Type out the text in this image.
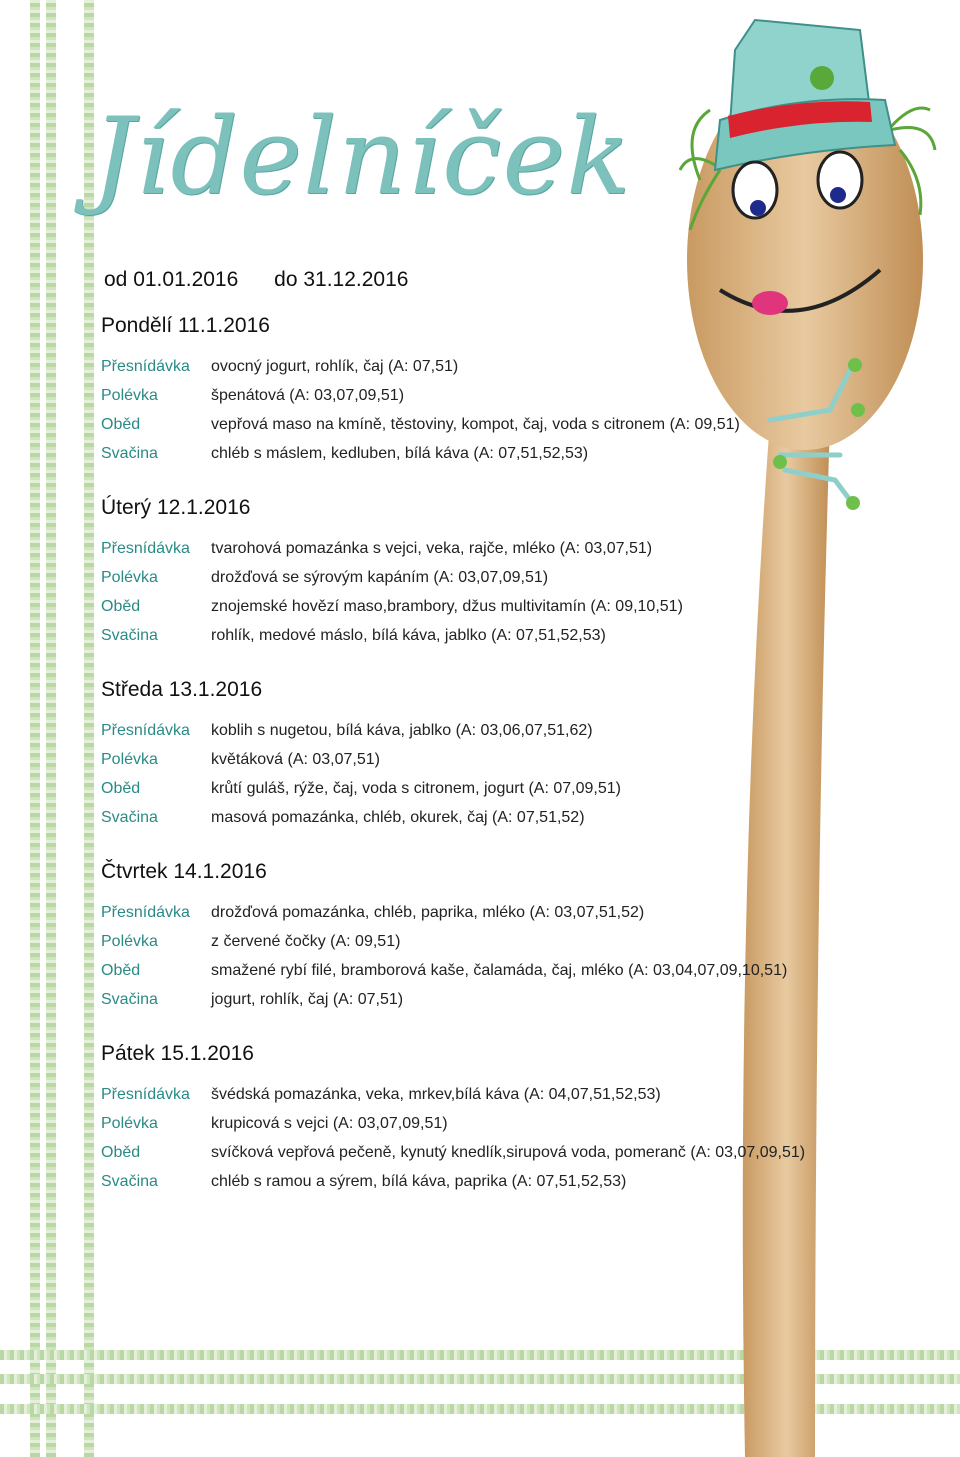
Jídelníček
od 01.01.2016 do 31.12.2016
Pondělí 11.1.2016
Přesnídávka	ovocný jogurt, rohlík, čaj (A: 07,51)
Polévka	špenátová (A: 03,07,09,51)
Oběd	vepřová maso na kmíně, těstoviny, kompot, čaj, voda s citronem (A: 09,51)
Svačina	chléb s máslem, kedluben, bílá káva (A: 07,51,52,53)
Úterý 12.1.2016
Přesnídávka	tvarohová pomazánka s vejci, veka, rajče, mléko (A: 03,07,51)
Polévka	drožďová se sýrovým kapáním (A: 03,07,09,51)
Oběd	znojemské hovězí maso,brambory, džus multivitamín (A: 09,10,51)
Svačina	rohlík, medové máslo, bílá káva, jablko (A: 07,51,52,53)
Středa 13.1.2016
Přesnídávka	koblih s nugetou, bílá káva, jablko (A: 03,06,07,51,62)
Polévka	květáková (A: 03,07,51)
Oběd	krůtí guláš, rýže, čaj, voda s citronem, jogurt (A: 07,09,51)
Svačina	masová pomazánka, chléb, okurek, čaj (A: 07,51,52)
Čtvrtek 14.1.2016
Přesnídávka	drožďová pomazánka, chléb, paprika, mléko (A: 03,07,51,52)
Polévka	z červené čočky (A: 09,51)
Oběd	smažené rybí filé, bramborová kaše, čalamáda, čaj, mléko (A: 03,04,07,09,10,51)
Svačina	jogurt, rohlík, čaj (A: 07,51)
Pátek 15.1.2016
Přesnídávka	švédská pomazánka, veka, mrkev,bílá káva (A: 04,07,51,52,53)
Polévka	krupicová s vejci (A: 03,07,09,51)
Oběd	svíčková vepřová pečeně, kynutý knedlík,sirupová voda, pomeranč (A: 03,07,09,51)
Svačina	chléb s ramou a sýrem, bílá káva, paprika (A: 07,51,52,53)
